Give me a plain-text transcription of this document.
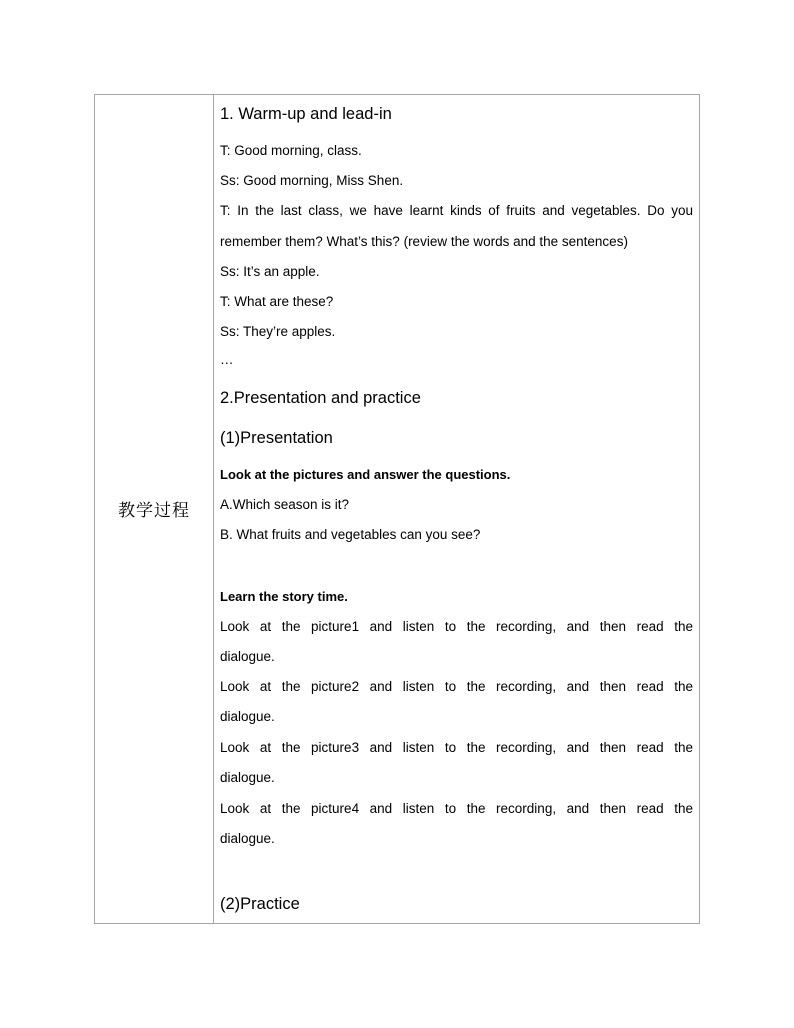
教学过程
1. Warm-up and lead-in
T: Good morning, class.
Ss: Good morning, Miss Shen.
T: In the last class, we have learnt kinds of fruits and vegetables. Do you
remember them? What’s this? (review the words and the sentences)
Ss: It’s an apple.
T: What are these?
Ss: They’re apples.
…
2.Presentation and practice
(1)Presentation
Look at the pictures and answer the questions.
A.Which season is it?
B. What fruits and vegetables can you see?
Learn the story time.
Look at the picture1 and listen to the recording, and then read the
dialogue.
Look at the picture2 and listen to the recording, and then read the
dialogue.
Look at the picture3 and listen to the recording, and then read the
dialogue.
Look at the picture4 and listen to the recording, and then read the
dialogue.
(2)Practice
